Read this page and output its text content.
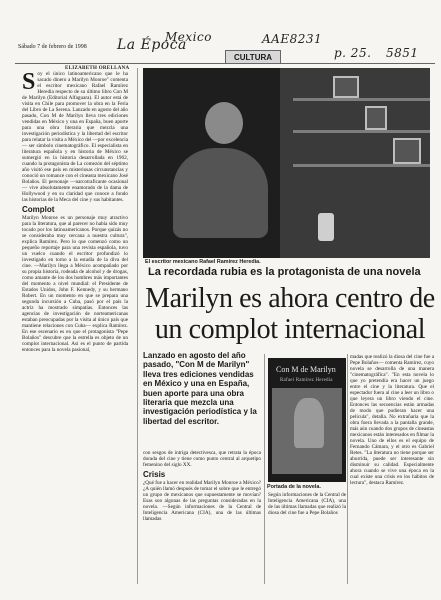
Sábado 7 de febrero de 1998 La Época
Mexico	AAE8231
p. 25. 5851
CULTURA
ELIZABETH ORELLANA
S oy el único latinoamericano que le ha sacado dinero a Marilyn Monroe" comenta el escritor mexicano Rafael Ramírez Heredia respecto de su último libro Con M de Marilyn (Editorial Alfaguara). El autor está de visita en Chile para promover la obra en la Feria del Libro de La Serena. Lanzado en agosto del año pasado, Con M de Marilyn lleva tres ediciones vendidas en México y una en España, buen aporte para una obra literaria que mezcla una investigación periodística y la libertad del escritor para relatar la visita a México del —por excelencia— ser símbolo cinematográfico. El especialista en literatura española y en historia de México se sumergió en la historia desarrollada en 1962, cuando la protagonista de La comezón del séptimo año visitó ese país en misteriosas circunstancias y conoció un romance con el cineasta mexicano José Bolaños. El personaje —narcotraficante ocasional— vive absolutamente enamorado de la dama de Hollywood y en su claridad que conoce a fondo las historias de la Meca del cine y sus habitantes.
Complot
Marilyn Monroe es un personaje muy atractivo para la literatura, que al parecer no había sido muy tocado por los latinoamericanos. Porque quizás no se consideraba muy cercana a nuestra cultura", explica Ramírez. Pero lo que comenzó como un pequeño reportaje para una revista española, tuvo un vuelco cuando el escritor profundizó lo investigado en torno a la estadía de la diva del cine. —Marilyn llega a México acompañado por su propia historia, rodeada de alcohol y de drogas, como amante de los dos hombres más importantes del momento a nivel mundial: el Presidente de Estados Unidos, John F. Kennedy, y su hermano Robert. En un momento en que se prepara una segunda incursión a Cuba, pasó por el país la actriz ha mostrado simpatías. Entonces las agencias de investigación de norteamericanas estaban preocupadas por la visita al único país que mantiene relaciones con Cuba— explica Ramírez. En ese escenario es en que el protagonista "Pepe Bolaños" descubre que la estrella es objeto de un complot internacional. Así es el punto de partida entonces para la novela pasional,
El escritor mexicano Rafael Ramírez Heredia.
La recordada rubia es la protagonista de una novela
Marilyn es ahora centro de un complot internacional
Lanzado en agosto del año pasado, "Con M de Marilyn" lleva tres ediciones vendidas en México y una en España, buen aporte para una obra literaria que mezcla una investigación periodística y la libertad del escritor.
Con M de Marilyn
Rafael Ramírez Heredia
Portada de la novela.
con sesgos de intriga detectivesca, que retrata la época dorada del cine y tiene como punto central al arquetipo femenino del siglo XX.
Crisis
¿Qué fue a hacer en realidad Marilyn Monroe a México? ¿A quién llamó después de tomar el sobre que le entregó un grupo de mexicanos que supuestamente se movían? Esas son algunas de las preguntas consideradas en la novela. —Según informaciones de la Central de Inteligencia Americana (CIA), una de las últimas llamadas
Según informaciones de la Central de Inteligencia Americana (CIA), una de las últimas llamadas que realizó la diosa del cine fue a Pepe Bolaños
madas que realizó la diosa del cine fue a Pepe Bolaños— comenta Ramírez, cuyo novela se desarrolla de una manera "cinematográfica". "En esta novela lo que yo pretendía era hacer un juego entre el cine y la literatura. Que el espectador fuera al cine a leer un libro o que leyera un libro viendo el cine. Entonces las secuencias están armadas de modo que pudieran hacer una película", detalla. No extrañaría que la obra fuera llevada a la pantalla grande, más aún cuando dos grupos de cineastas mexicanos están interesados en filmar la novela. Uno de ellos es el equipo de Fernando Cámara, y el otro es Gabriel Retes. "La literatura no tiene porque ser aburrida, puede ser interesante sin disminuir su calidad. Especialmente ahora cuando se vive una época en la cual existe una crisis en los hábitos de lectura", destaca Ramírez.
